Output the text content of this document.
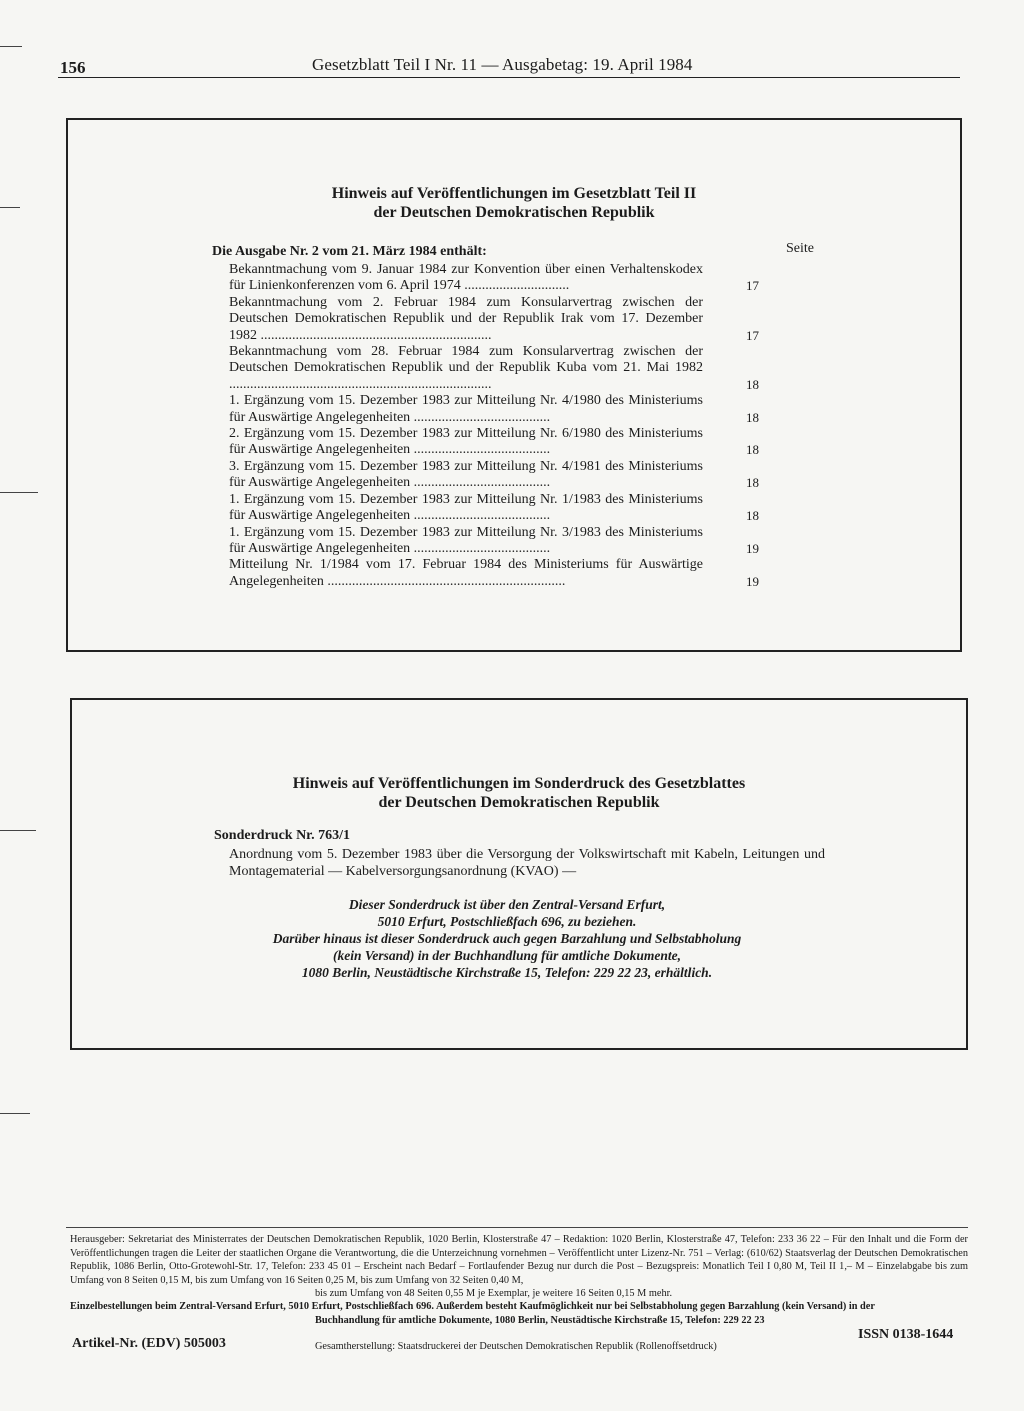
156	Gesetzblatt Teil I Nr. 11 — Ausgabetag: 19. April 1984
Hinweis auf Veröffentlichungen im Gesetzblatt Teil II
der Deutschen Demokratischen Republik
Die Ausgabe Nr. 2 vom 21. März 1984 enthält:	Seite
Bekanntmachung vom 9. Januar 1984 zur Konvention über einen Verhaltenskodex für Linienkonferenzen vom 6. April 1974 ..............................	17
Bekanntmachung vom 2. Februar 1984 zum Konsularvertrag zwischen der Deutschen Demokratischen Republik und der Republik Irak vom 17. Dezember 1982 ..................................................................	17
Bekanntmachung vom 28. Februar 1984 zum Konsularvertrag zwischen der Deutschen Demokratischen Republik und der Republik Kuba vom 21. Mai 1982 ...........................................................................	18
1. Ergänzung vom 15. Dezember 1983 zur Mitteilung Nr. 4/1980 des Ministeriums für Auswärtige Angelegenheiten .......................................	18
2. Ergänzung vom 15. Dezember 1983 zur Mitteilung Nr. 6/1980 des Ministeriums für Auswärtige Angelegenheiten .......................................	18
3. Ergänzung vom 15. Dezember 1983 zur Mitteilung Nr. 4/1981 des Ministeriums für Auswärtige Angelegenheiten .......................................	18
1. Ergänzung vom 15. Dezember 1983 zur Mitteilung Nr. 1/1983 des Ministeriums für Auswärtige Angelegenheiten .......................................	18
1. Ergänzung vom 15. Dezember 1983 zur Mitteilung Nr. 3/1983 des Ministeriums für Auswärtige Angelegenheiten .......................................	19
Mitteilung Nr. 1/1984 vom 17. Februar 1984 des Ministeriums für Auswärtige Angelegenheiten ....................................................................	19
Hinweis auf Veröffentlichungen im Sonderdruck des Gesetzblattes
der Deutschen Demokratischen Republik
Sonderdruck Nr. 763/1
Anordnung vom 5. Dezember 1983 über die Versorgung der Volkswirtschaft mit Kabeln, Leitungen und Montagematerial — Kabelversorgungsanordnung (KVAO) —
Dieser Sonderdruck ist über den Zentral-Versand Erfurt,
5010 Erfurt, Postschließfach 696, zu beziehen.
Darüber hinaus ist dieser Sonderdruck auch gegen Barzahlung und Selbstabholung
(kein Versand) in der Buchhandlung für amtliche Dokumente,
1080 Berlin, Neustädtische Kirchstraße 15, Telefon: 229 22 23, erhältlich.
Herausgeber: Sekretariat des Ministerrates der Deutschen Demokratischen Republik, 1020 Berlin, Klosterstraße 47 – Redaktion: 1020 Berlin, Klosterstraße 47, Telefon: 233 36 22 – Für den Inhalt und die Form der Veröffentlichungen tragen die Leiter der staatlichen Organe die Verantwortung, die die Unterzeichnung vornehmen – Veröffentlicht unter Lizenz-Nr. 751 – Verlag: (610/62) Staatsverlag der Deutschen Demokratischen Republik, 1086 Berlin, Otto-Grotewohl-Str. 17, Telefon: 233 45 01 – Erscheint nach Bedarf – Fortlaufender Bezug nur durch die Post – Bezugspreis: Monatlich Teil I 0,80 M, Teil II 1,– M – Einzelabgabe bis zum Umfang von 8 Seiten 0,15 M, bis zum Umfang von 16 Seiten 0,25 M, bis zum Umfang von 32 Seiten 0,40 M,
bis zum Umfang von 48 Seiten 0,55 M je Exemplar, je weitere 16 Seiten 0,15 M mehr.
Einzelbestellungen beim Zentral-Versand Erfurt, 5010 Erfurt, Postschließfach 696. Außerdem besteht Kaufmöglichkeit nur bei Selbstabholung gegen Barzahlung (kein Versand) in der
Buchhandlung für amtliche Dokumente, 1080 Berlin, Neustädtische Kirchstraße 15, Telefon: 229 22 23
Artikel-Nr. (EDV) 505003	Gesamtherstellung: Staatsdruckerei der Deutschen Demokratischen Republik (Rollenoffsetdruck)
ISSN 0138-1644
